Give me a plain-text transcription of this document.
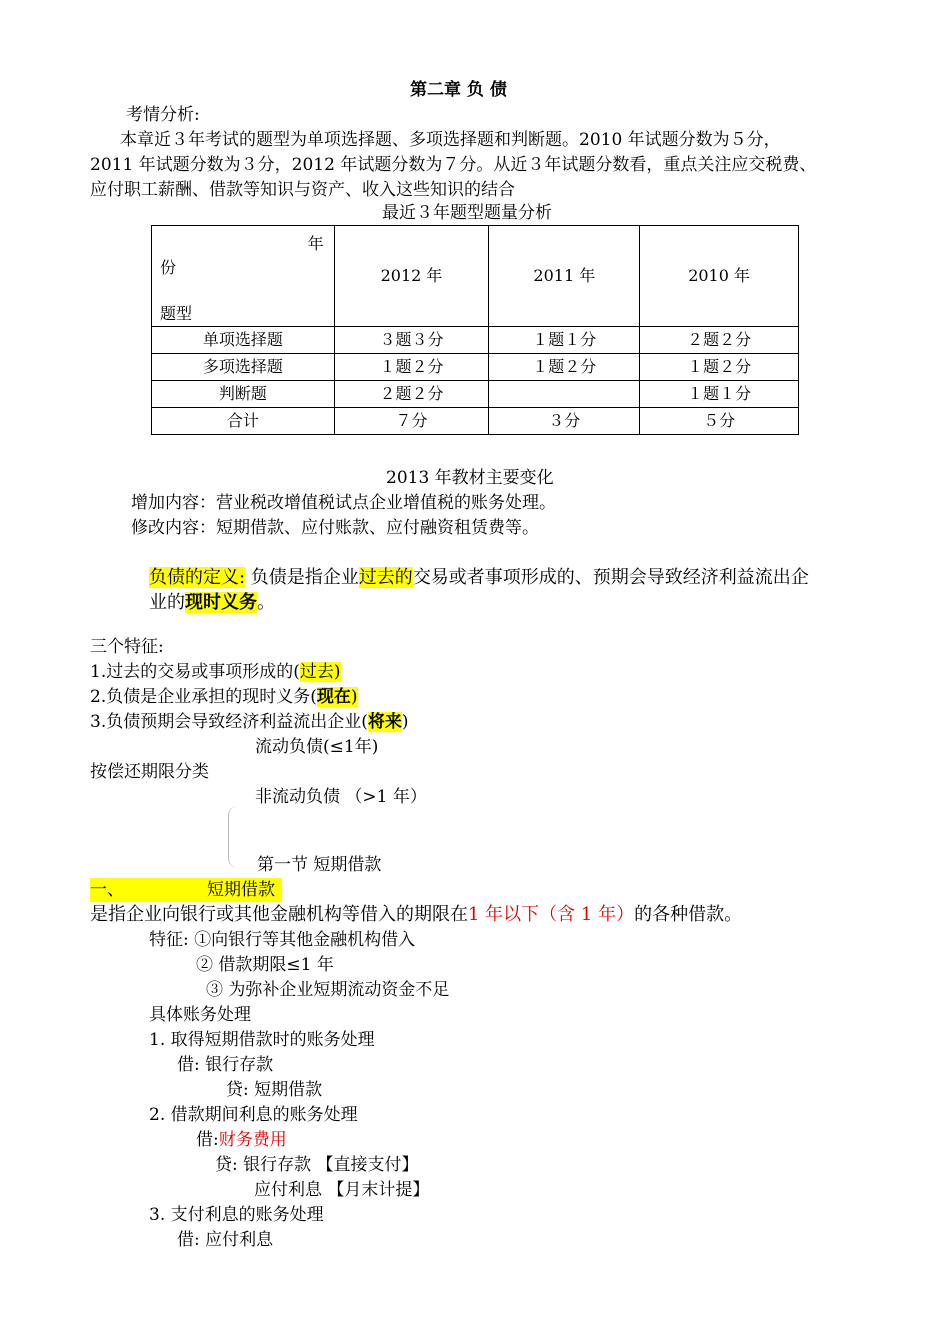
第二章 负 债
考情分析:
本章近３年考试的题型为单项选择题、多项选择题和判断题。2010 年试题分数为５分，
2011 年试题分数为３分，2012 年试题分数为７分。从近３年试题分数看，重点关注应交税费、
应付职工薪酬、借款等知识与资产、收入这些知识的结合
最近３年题型题量分析
年
份
题型	2012 年	2011 年	2010 年
单项选择题	３题３分	１题１分	２题２分
多项选择题	１题２分	１题２分	１题２分
判断题	２题２分		１题１分
合计	７分	３分	５分
2013 年教材主要变化
增加内容：营业税改增值税试点企业增值税的账务处理。
修改内容：短期借款、应付账款、应付融资租赁费等。
负债的定义: 负债是指企业过去的交易或者事项形成的、预期会导致经济利益流出企
业的现时义务。
三个特征:
1.过去的交易或事项形成的(过去)
2.负债是企业承担的现时义务(现在)
3.负债预期会导致经济利益流出企业(将来)
流动负债(≤1年)
按偿还期限分类
非流动负债 （>1 年）
第一节 短期借款
一、	短期借款
是指企业向银行或其他金融机构等借入的期限在1 年以下（含 1 年）的各种借款。
特征: ①向银行等其他金融机构借入
② 借款期限≤1 年
③ 为弥补企业短期流动资金不足
具体账务处理
1. 取得短期借款时的账务处理
借: 银行存款
贷: 短期借款
2. 借款期间利息的账务处理
借:财务费用
贷: 银行存款 【直接支付】
应付利息 【月末计提】
3. 支付利息的账务处理
借: 应付利息
